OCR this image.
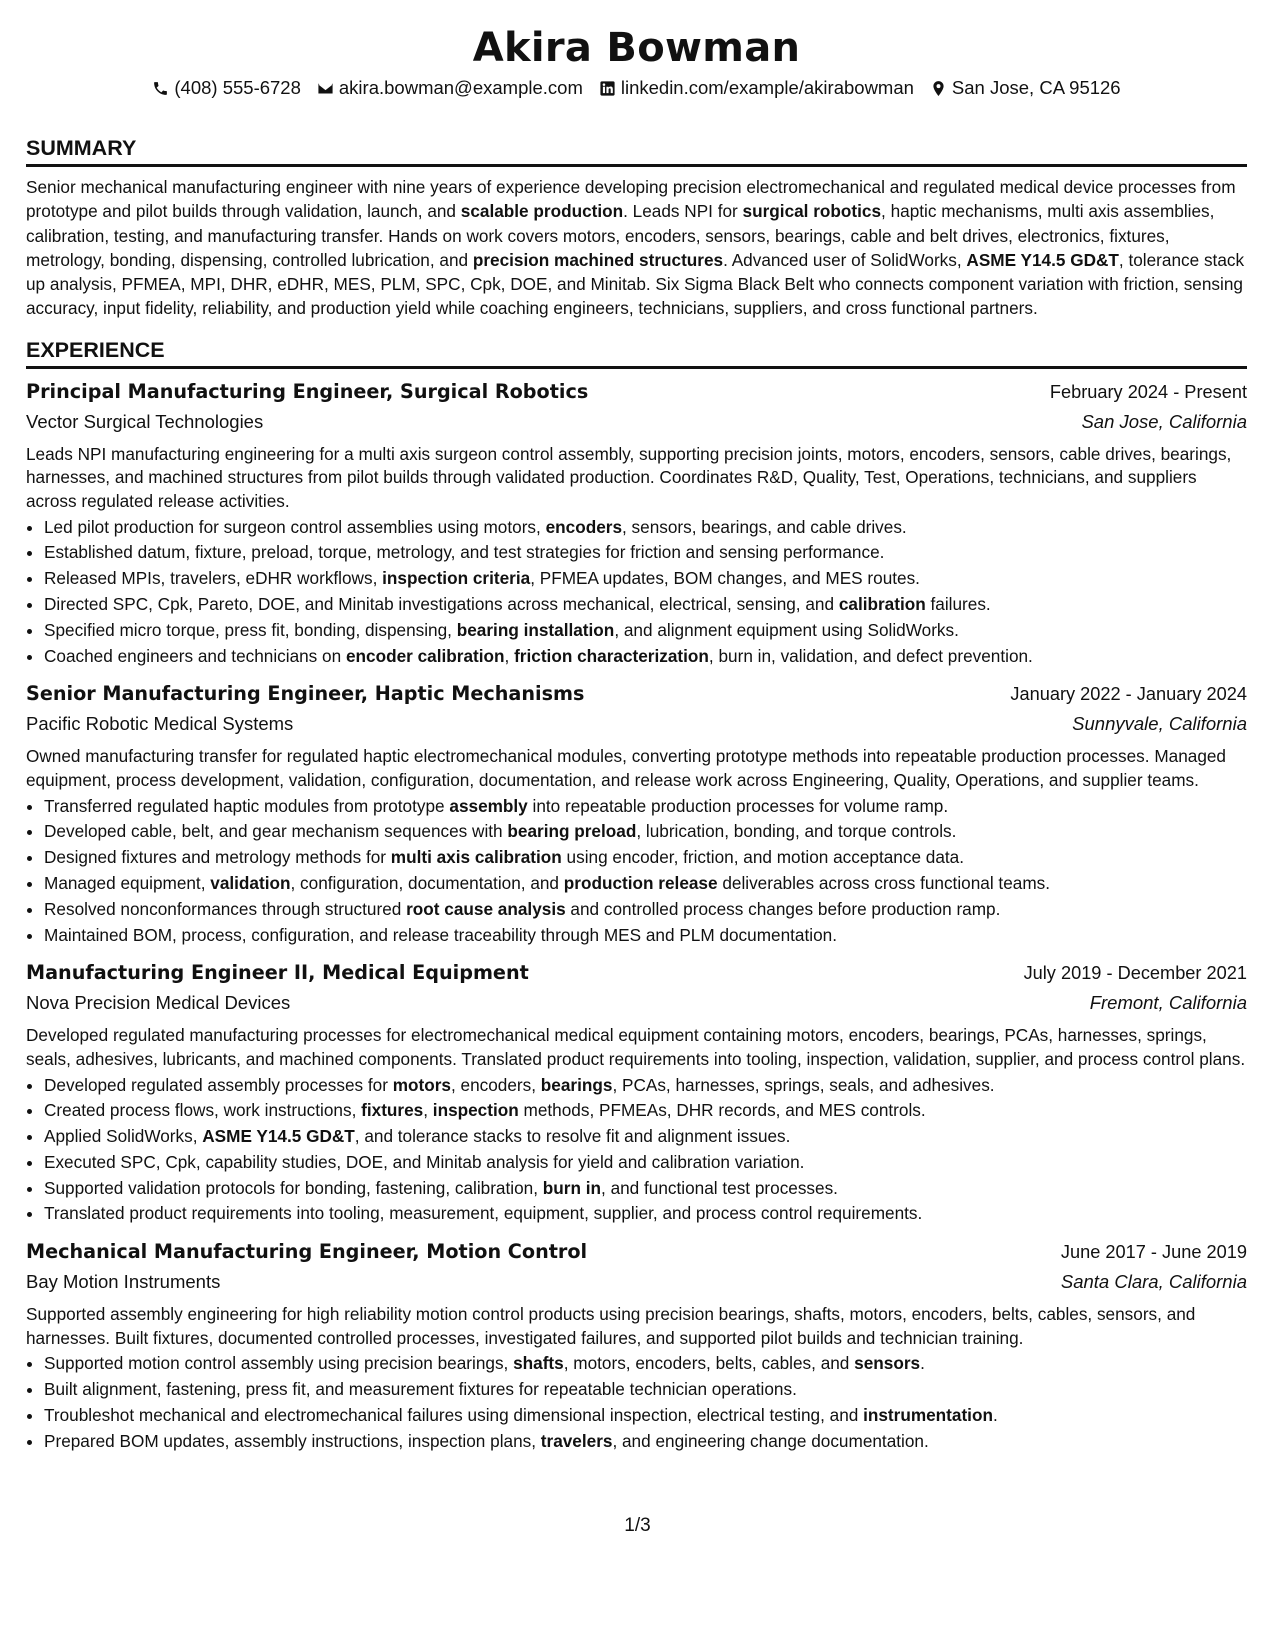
Akira Bowman
(408) 555-6728 akira.bowman@example.com linkedin.com/example/akirabowman San Jose, CA 95126
SUMMARY

Senior mechanical manufacturing engineer with nine years of experience developing precision electromechanical and regulated medical device processes from prototype and pilot builds through validation, launch, and scalable production. Leads NPI for surgical robotics, haptic mechanisms, multi axis assemblies, calibration, testing, and manufacturing transfer. Hands on work covers motors, encoders, sensors, bearings, cable and belt drives, electronics, fixtures, metrology, bonding, dispensing, controlled lubrication, and precision machined structures. Advanced user of SolidWorks, ASME Y14.5 GD&T, tolerance stack up analysis, PFMEA, MPI, DHR, eDHR, MES, PLM, SPC, Cpk, DOE, and Minitab. Six Sigma Black Belt who connects component variation with friction, sensing accuracy, input fidelity, reliability, and production yield while coaching engineers, technicians, suppliers, and cross functional partners.

EXPERIENCE
Principal Manufacturing Engineer, Surgical Robotics	February 2024 - Present
Vector Surgical Technologies	San Jose, California
Leads NPI manufacturing engineering for a multi axis surgeon control assembly, supporting precision joints, motors, encoders, sensors, cable drives, bearings, harnesses, and machined structures from pilot builds through validated production. Coordinates R&D, Quality, Test, Operations, technicians, and suppliers across regulated release activities.
• Led pilot production for surgeon control assemblies using motors, encoders, sensors, bearings, and cable drives.
• Established datum, fixture, preload, torque, metrology, and test strategies for friction and sensing performance.
• Released MPIs, travelers, eDHR workflows, inspection criteria, PFMEA updates, BOM changes, and MES routes.
• Directed SPC, Cpk, Pareto, DOE, and Minitab investigations across mechanical, electrical, sensing, and calibration failures.
• Specified micro torque, press fit, bonding, dispensing, bearing installation, and alignment equipment using SolidWorks.
• Coached engineers and technicians on encoder calibration, friction characterization, burn in, validation, and defect prevention.
Senior Manufacturing Engineer, Haptic Mechanisms	January 2022 - January 2024
Pacific Robotic Medical Systems	Sunnyvale, California
Owned manufacturing transfer for regulated haptic electromechanical modules, converting prototype methods into repeatable production processes. Managed equipment, process development, validation, configuration, documentation, and release work across Engineering, Quality, Operations, and supplier teams.
• Transferred regulated haptic modules from prototype assembly into repeatable production processes for volume ramp.
• Developed cable, belt, and gear mechanism sequences with bearing preload, lubrication, bonding, and torque controls.
• Designed fixtures and metrology methods for multi axis calibration using encoder, friction, and motion acceptance data.
• Managed equipment, validation, configuration, documentation, and production release deliverables across cross functional teams.
• Resolved nonconformances through structured root cause analysis and controlled process changes before production ramp.
• Maintained BOM, process, configuration, and release traceability through MES and PLM documentation.
Manufacturing Engineer II, Medical Equipment	July 2019 - December 2021
Nova Precision Medical Devices	Fremont, California
Developed regulated manufacturing processes for electromechanical medical equipment containing motors, encoders, bearings, PCAs, harnesses, springs, seals, adhesives, lubricants, and machined components. Translated product requirements into tooling, inspection, validation, supplier, and process control plans.
• Developed regulated assembly processes for motors, encoders, bearings, PCAs, harnesses, springs, seals, and adhesives.
• Created process flows, work instructions, fixtures, inspection methods, PFMEAs, DHR records, and MES controls.
• Applied SolidWorks, ASME Y14.5 GD&T, and tolerance stacks to resolve fit and alignment issues.
• Executed SPC, Cpk, capability studies, DOE, and Minitab analysis for yield and calibration variation.
• Supported validation protocols for bonding, fastening, calibration, burn in, and functional test processes.
• Translated product requirements into tooling, measurement, equipment, supplier, and process control requirements.
Mechanical Manufacturing Engineer, Motion Control	June 2017 - June 2019
Bay Motion Instruments	Santa Clara, California
Supported assembly engineering for high reliability motion control products using precision bearings, shafts, motors, encoders, belts, cables, sensors, and harnesses. Built fixtures, documented controlled processes, investigated failures, and supported pilot builds and technician training.
• Supported motion control assembly using precision bearings, shafts, motors, encoders, belts, cables, and sensors.
• Built alignment, fastening, press fit, and measurement fixtures for repeatable technician operations.
• Troubleshot mechanical and electromechanical failures using dimensional inspection, electrical testing, and instrumentation.
• Prepared BOM updates, assembly instructions, inspection plans, travelers, and engineering change documentation.
1/3
